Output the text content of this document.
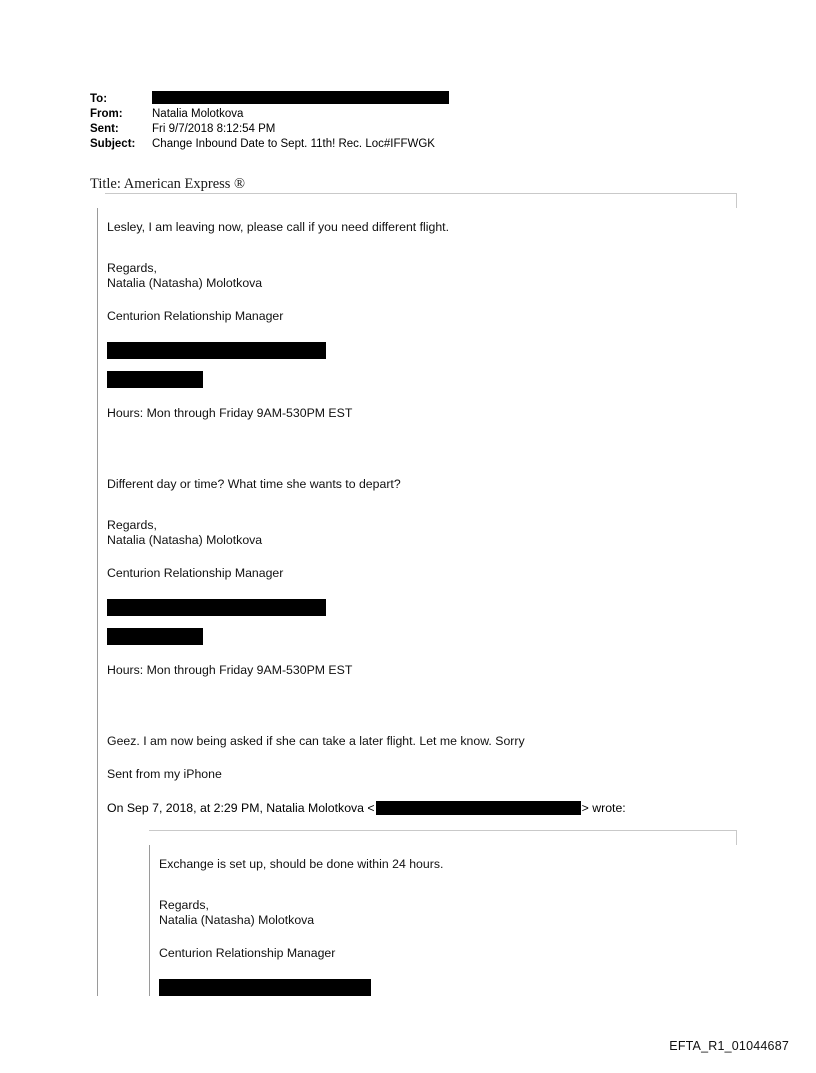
To:
From:	Natalia Molotkova
Sent:	Fri 9/7/2018 8:12:54 PM
Subject:	Change Inbound Date to Sept. 11th! Rec. Loc#IFFWGK
Title: American Express ®

Lesley, I am leaving now, please call if you need different flight.

Regards,

Natalia (Natasha) Molotkova

Centurion Relationship Manager

Hours: Mon through Friday 9AM-530PM EST

Different day or time? What time she wants to depart?

Regards,

Natalia (Natasha) Molotkova

Centurion Relationship Manager

Hours: Mon through Friday 9AM-530PM EST

Geez. I am now being asked if she can take a later flight. Let me know. Sorry

Sent from my iPhone

On Sep 7, 2018, at 2:29 PM, Natalia Molotkova <	> wrote:

Exchange is set up, should be done within 24 hours.

Regards,

Natalia (Natasha) Molotkova

Centurion Relationship Manager

EFTA_R1_01044687
